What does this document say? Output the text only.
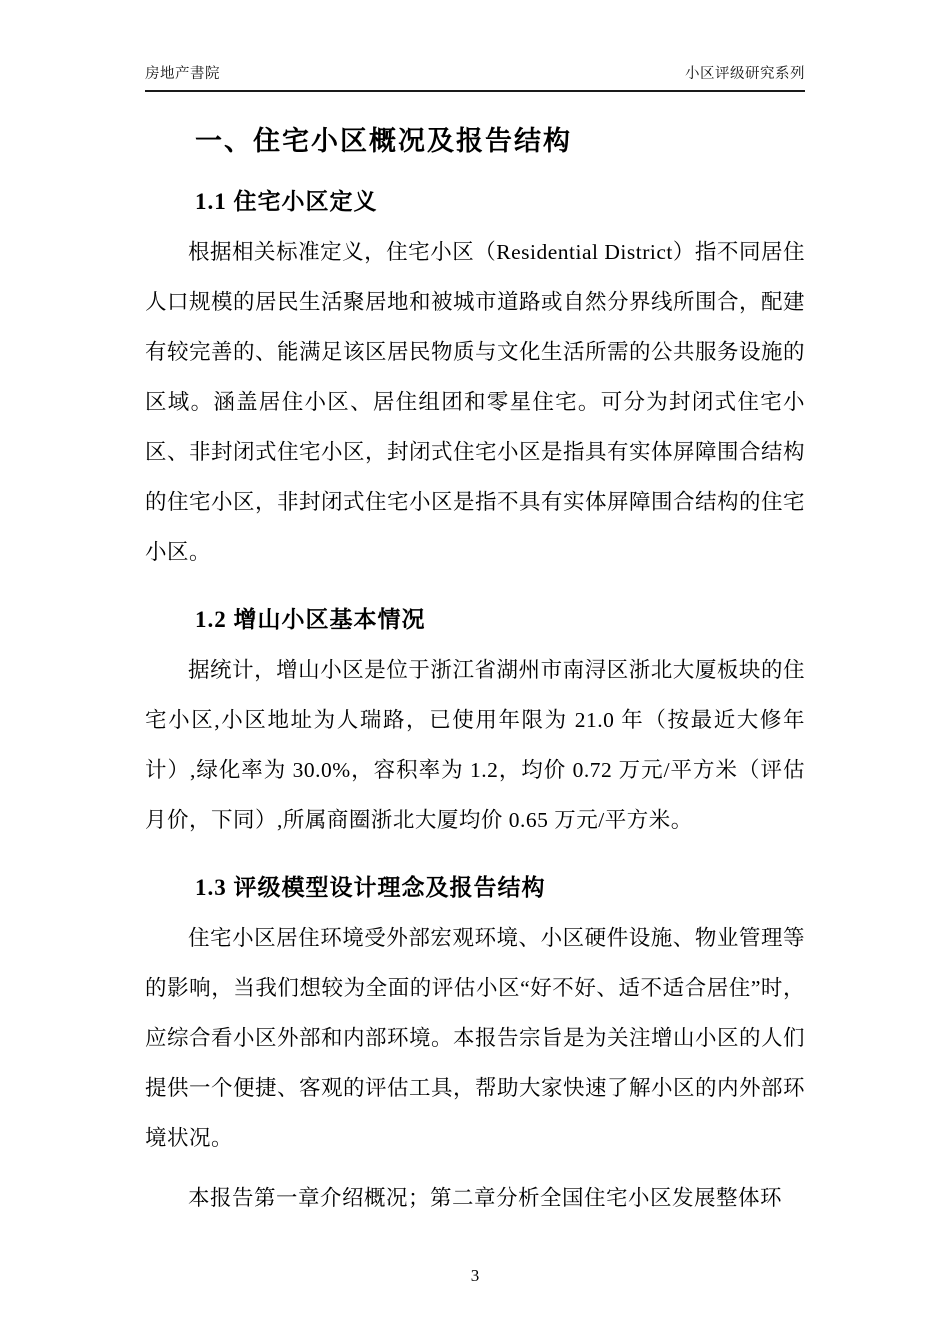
房地产書院	小区评级研究系列
一、住宅小区概况及报告结构
1.1 住宅小区定义

根据相关标准定义，住宅小区（Residential District）指不同居住人口规模的居民生活聚居地和被城市道路或自然分界线所围合，配建有较完善的、能满足该区居民物质与文化生活所需的公共服务设施的区域。涵盖居住小区、居住组团和零星住宅。可分为封闭式住宅小区、非封闭式住宅小区，封闭式住宅小区是指具有实体屏障围合结构的住宅小区，非封闭式住宅小区是指不具有实体屏障围合结构的住宅小区。

1.2 增山小区基本情况

据统计，增山小区是位于浙江省湖州市南浔区浙北大厦板块的住宅小区,小区地址为人瑞路，已使用年限为 21.0 年（按最近大修年计）,绿化率为 30.0%，容积率为 1.2，均价 0.72 万元/平方米（评估月价，下同）,所属商圈浙北大厦均价 0.65 万元/平方米。

1.3 评级模型设计理念及报告结构

住宅小区居住环境受外部宏观环境、小区硬件设施、物业管理等的影响，当我们想较为全面的评估小区“好不好、适不适合居住”时，应综合看小区外部和内部环境。本报告宗旨是为关注增山小区的人们提供一个便捷、客观的评估工具，帮助大家快速了解小区的内外部环境状况。

本报告第一章介绍概况；第二章分析全国住宅小区发展整体环

3
